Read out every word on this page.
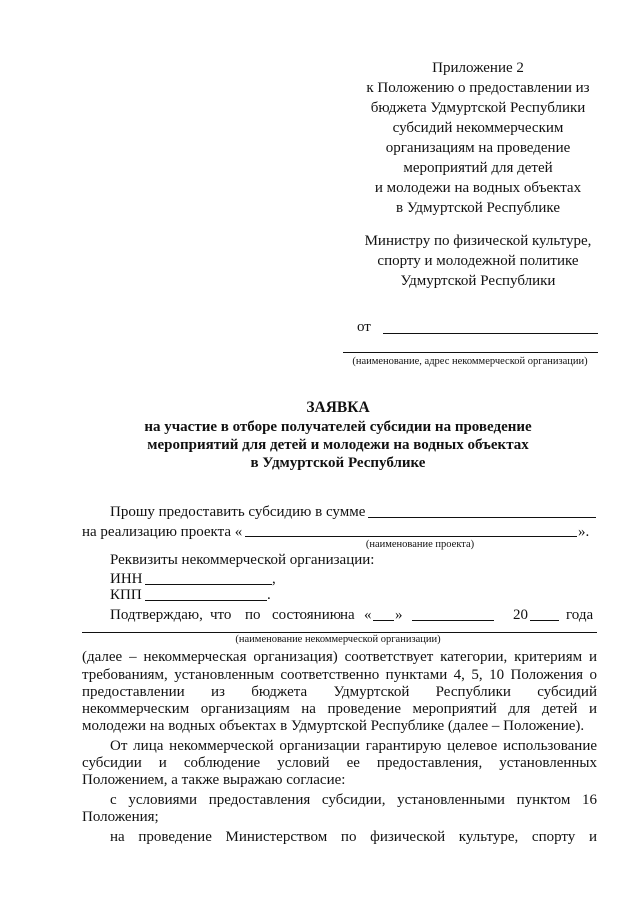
Приложение 2
к Положению о предоставлении из
бюджета Удмуртской Республики
субсидий некоммерческим
организациям на проведение
мероприятий для детей
и молодежи на водных объектах
в Удмуртской Республике
Министру по физической культуре,
спорту и молодежной политике
Удмуртской Республики
от
(наименование, адрес некоммерческой организации)
ЗАЯВКА
на участие в отборе получателей субсидии на проведение
мероприятий для детей и молодежи на водных объектах
в Удмуртской Республике
Прошу предоставить субсидию в сумме
на реализацию проекта «	».
(наименование проекта)
Реквизиты некоммерческой организации:
ИНН	,
КПП	.
Подтверждаю, что по состоянию на « »	20	года
(наименование некоммерческой организации)
(далее – некоммерческая организация) соответствует категории, критериям и
требованиям, установленным соответственно пунктами 4, 5, 10 Положения о
предоставлении из бюджета Удмуртской Республики субсидий
некоммерческим организациям на проведение мероприятий для детей и
молодежи на водных объектах в Удмуртской Республике (далее – Положение).
От лица некоммерческой организации гарантирую целевое использование
субсидии и соблюдение условий ее предоставления, установленных
Положением, а также выражаю согласие:
с условиями предоставления субсидии, установленными пунктом 16
Положения;
на проведение Министерством по физической культуре, спорту и
